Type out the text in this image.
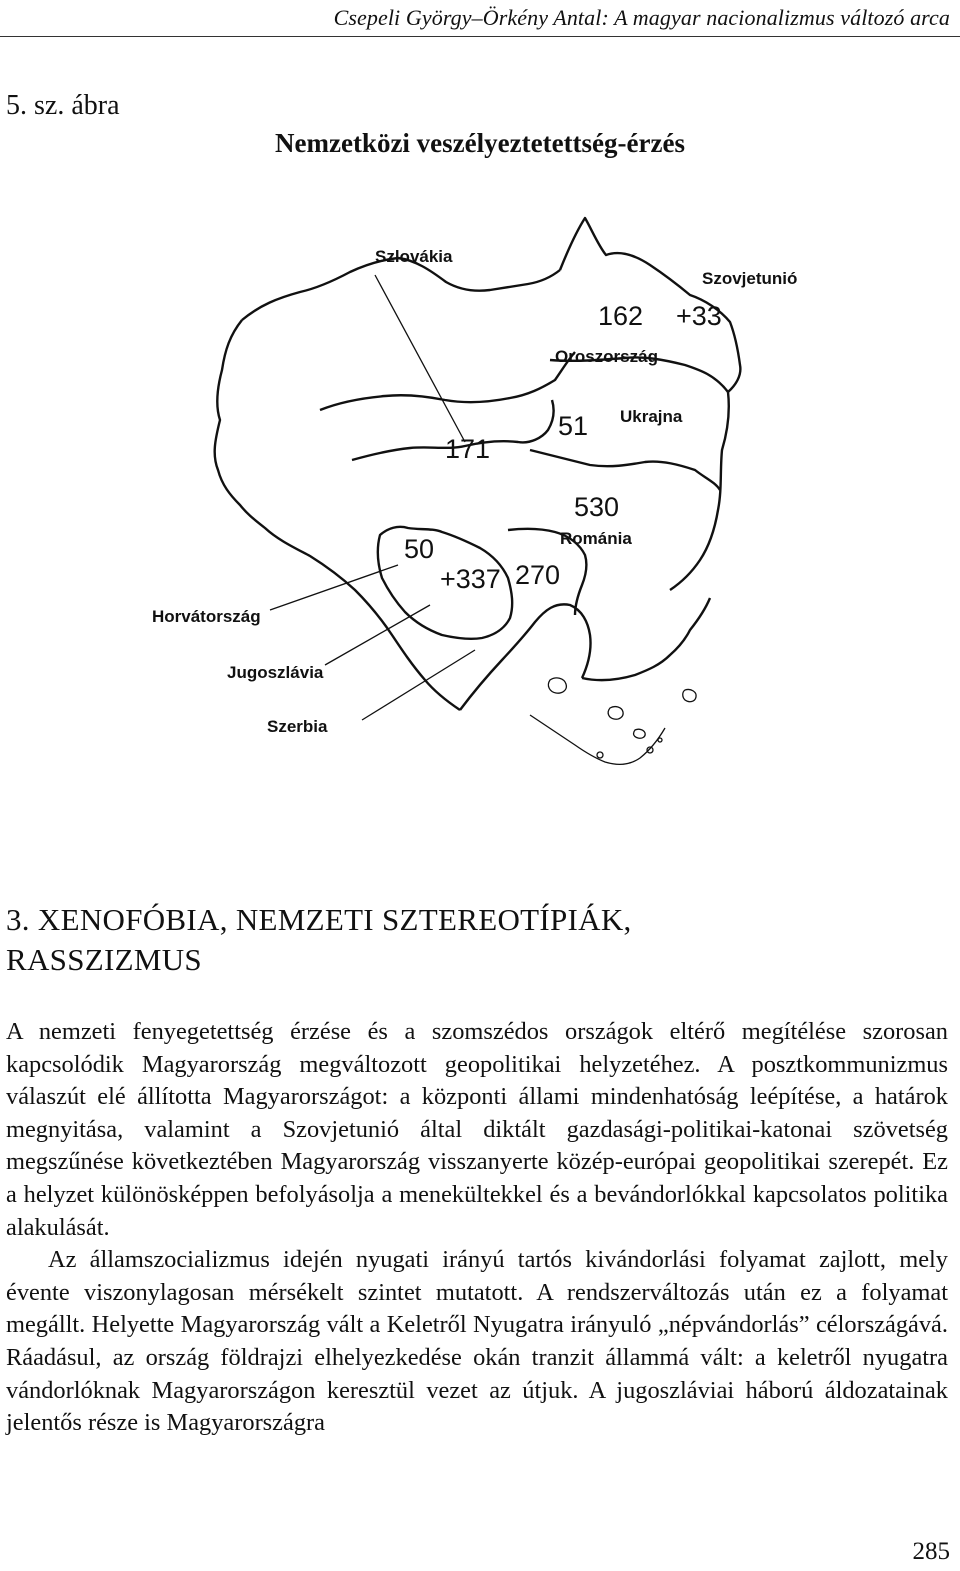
Csepeli György–Örkény Antal: A magyar nacionalizmus változó arca
5. sz. ábra
Nemzetközi veszélyeztetettség-érzés
Szlovákia
Szovjetunió
162 +33
Oroszország
Ukrajna
51
171
530
Románia
50
+337 270
Horvátország
Jugoszlávia
Szerbia
3. XENOFÓBIA, NEMZETI SZTEREOTÍPIÁK,
RASSZIZMUS

A nemzeti fenyegetettség érzése és a szomszédos országok eltérő megítélése szorosan kapcsolódik Magyarország megváltozott geopolitikai helyzetéhez. A posztkommunizmus válaszút elé állította Magyarországot: a központi állami mindenhatóság leépítése, a határok megnyitása, valamint a Szovjetunió által diktált gazdasági-politikai-katonai szövetség megszűnése következtében Magyarország visszanyerte közép-európai geopolitikai szerepét. Ez a helyzet különösképpen befolyásolja a menekültekkel és a bevándorlókkal kapcsolatos politika alakulását.

Az államszocializmus idején nyugati irányú tartós kivándorlási folyamat zajlott, mely évente viszonylagosan mérsékelt szintet mutatott. A rendszerváltozás után ez a folyamat megállt. Helyette Magyarország vált a Keletről Nyugatra irányuló „népvándorlás” célországává. Ráadásul, az ország földrajzi elhelyezkedése okán tranzit állammá vált: a keletről nyugatra vándorlóknak Magyarországon keresztül vezet az útjuk. A jugoszláviai háború áldozatainak jelentős része is Magyarországra

285
